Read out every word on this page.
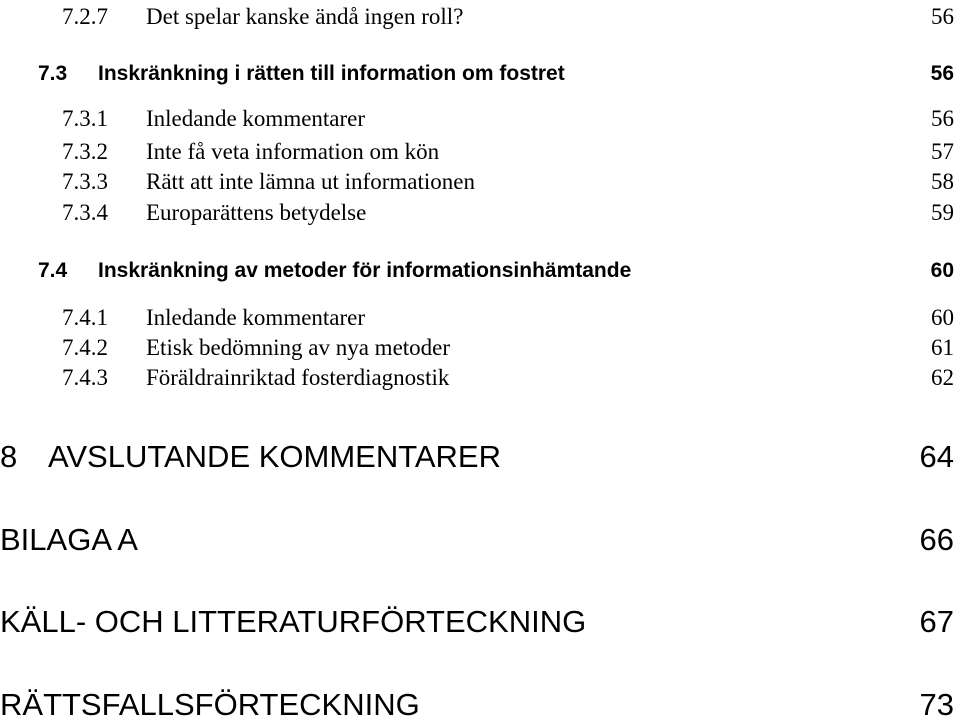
7.2.7 Det spelar kanske ändå ingen roll?	56
7.3 Inskränkning i rätten till information om fostret	56
7.3.1 Inledande kommentarer	56
7.3.2 Inte få veta information om kön	57
7.3.3 Rätt att inte lämna ut informationen	58
7.3.4 Europarättens betydelse	59
7.4 Inskränkning av metoder för informationsinhämtande	60
7.4.1 Inledande kommentarer	60
7.4.2 Etisk bedömning av nya metoder	61
7.4.3 Föräldrainriktad fosterdiagnostik	62
8 AVSLUTANDE KOMMENTARER	64
BILAGA A	66
KÄLL- OCH LITTERATURFÖRTECKNING	67
RÄTTSFALLSFÖRTECKNING	73
